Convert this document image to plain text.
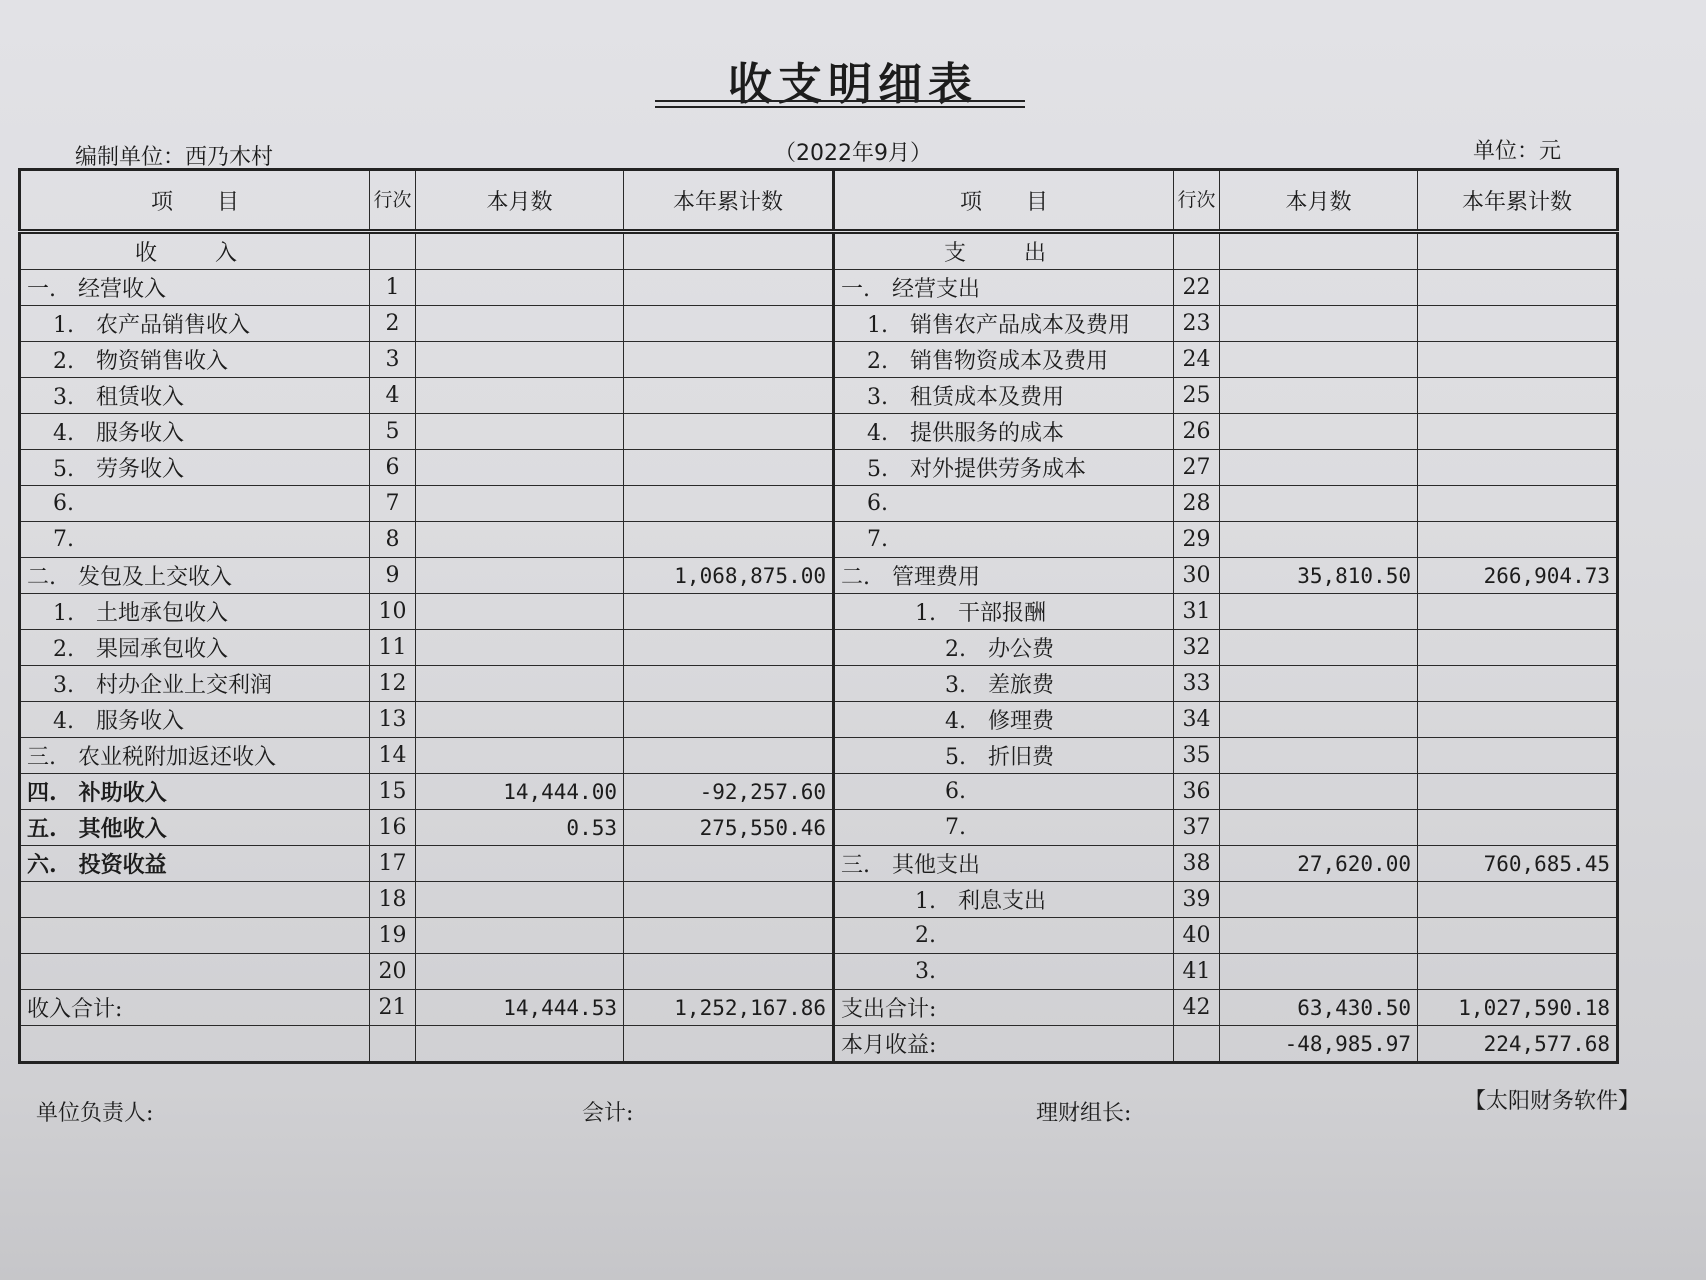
收支明细表
编制单位：西乃木村	（2022年9月）	单位：元
项　　目	行次	本月数	本年累计数	项　　目	行次	本月数	本年累计数
收　入				支　出			
一.　经营收入	1			一.　经营支出	22		
1.　农产品销售收入	2			1.　销售农产品成本及费用	23		
2.　物资销售收入	3			2.　销售物资成本及费用	24		
3.　租赁收入	4			3.　租赁成本及费用	25		
4.　服务收入	5			4.　提供服务的成本	26		
5.　劳务收入	6			5.　对外提供劳务成本	27		
6.	7			6.	28		
7.	8			7.	29		
二.　发包及上交收入	9		1,068,875.00	二.　管理费用	30	35,810.50	266,904.73
1.　土地承包收入	10			1.　干部报酬	31		
2.　果园承包收入	11			2.　办公费	32		
3.　村办企业上交利润	12			3.　差旅费	33		
4.　服务收入	13			4.　修理费	34		
三.　农业税附加返还收入	14			5.　折旧费	35		
四.　补助收入	15	14,444.00	-92,257.60	6.	36		
五.　其他收入	16	0.53	275,550.46	7.	37		
六.　投资收益	17			三.　其他支出	38	27,620.00	760,685.45
	18			1.　利息支出	39		
	19			2.	40		
	20			3.	41		
收入合计:	21	14,444.53	1,252,167.86	支出合计:	42	63,430.50	1,027,590.18
				本月收益:		-48,985.97	224,577.68
单位负责人:	会计:	理财组长:	【太阳财务软件】
